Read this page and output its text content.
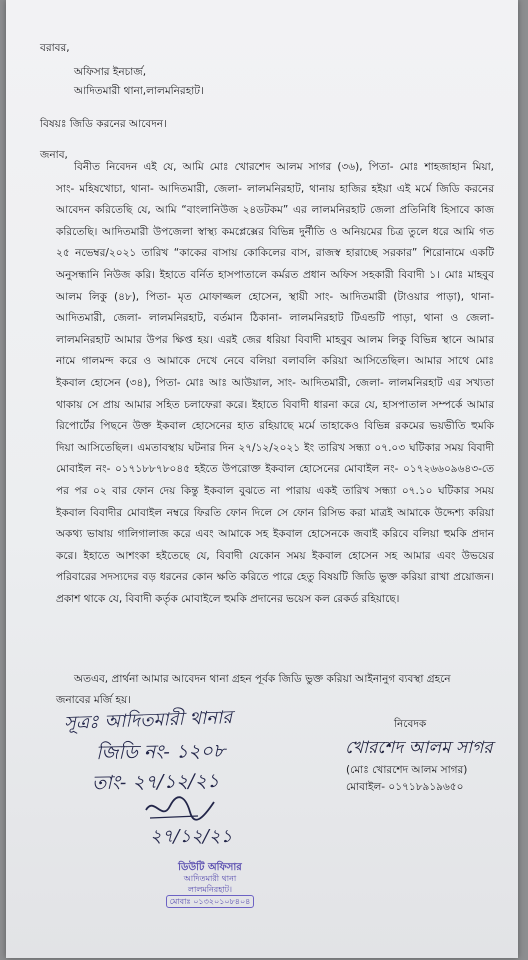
বরাবর,
অফিসার ইনচার্জ,
আদিতমারী থানা,লালমনিরহাট।
বিষয়ঃ জিডি করনের আবেদন।
জনাব,
বিনীত নিবেদন এই যে, আমি মোঃ খোরশেদ আলম সাগর (৩৬), পিতা- মোঃ শাহজাহান মিয়া,
সাং- মহিষখোচা, থানা- আদিতমারী, জেলা- লালমনিরহাট, থানায় হাজির হইয়া এই মর্মে জিডি করনের
আবেদন করিতেছি যে, আমি “বাংলানিউজ ২৪ডটকম” এর লালমনিরহাট জেলা প্রতিনিধি হিসাবে কাজ
করিতেছি। আদিতমারী উপজেলা স্বাস্থ্য কমপ্লেক্সের বিভিন্ন দুর্নীতি ও অনিয়মের চিত্র তুলে ধরে আমি গত
২৫ নভেম্বর/২০২১ তারিখ “কাকের বাসায় কোকিলের বাস, রাজস্ব হারাচ্ছে সরকার” শিরোনামে একটি
অনুসন্ধানি নিউজ করি। ইহাতে বর্নিত হাসপাতালে কর্মরত প্রধান অফিস সহকারী বিবাদী ১। মোঃ মাহবুব
আলম লিকু (৪৮), পিতা- মৃত মোফাজ্জল হোসেন, স্থায়ী সাং- আদিতমারী (টাওয়ার পাড়া), থানা-
আদিতমারী, জেলা- লালমনিরহাট, বর্তমান ঠিকানা- লালমনিরহাট টিএন্ডটি পাড়া, থানা ও জেলা-
লালমনিরহাট আমার উপর ক্ষিপ্ত হয়। এরই জের ধরিয়া বিবাদী মাহবুব আলম লিকু বিভিন্ন স্থানে আমার
নামে গালমন্দ করে ও আমাকে দেখে নেবে বলিয়া বলাবলি করিয়া আসিতেছিল। আমার সাথে মোঃ
ইকবাল হোসেন (৩৪), পিতা- মোঃ আঃ আউয়াল, সাং- আদিতমারী, জেলা- লালমনিরহাট এর সখ্যতা
থাকায় সে প্রায় আমার সহিত চলাফেরা করে। ইহাতে বিবাদী ধারনা করে যে, হাসপাতাল সম্পর্কে আমার
রিপোর্টের পিছনে উক্ত ইকবাল হোসেনের হাত রহিয়াছে মর্মে তাহাকেও বিভিন্ন রকমের ভয়ভীতি হুমকি
দিয়া আসিতেছিল। এমতাবস্থায় ঘটনার দিন ২৭/১২/২০২১ ইং তারিখ সন্ধ্যা ০৭.০৩ ঘটিকার সময় বিবাদী
মোবাইল নং- ০১৭১৮৮৭৮০৪৫ হইতে উপরোক্ত ইকবাল হোসেনের মোবাইল নং- ০১৭২৬৬০৯৬৪৩-তে
পর পর ০২ বার ফোন দেয় কিন্তু ইকবাল বুঝতে না পারায় একই তারিখ সন্ধ্যা ০৭.১০ ঘটিকার সময়
ইকবাল বিবাদীর মোবাইল নম্বরে ফিরতি ফোন দিলে সে ফোন রিসিভ করা মাত্রই আমাকে উদ্দেশ্য করিয়া
অকথ্য ভাষায় গালিগালাজ করে এবং আমাকে সহ ইকবাল হোসেনকে জবাই করিবে বলিয়া হুমকি প্রদান
করে। ইহাতে আশংকা হইতেছে যে, বিবাদী যেকোন সময় ইকবাল হোসেন সহ আমার এবং উভয়ের
পরিবারের সদস্যদের বড় ধরনের কোন ক্ষতি করিতে পারে হেতু বিষয়টি জিডি ভুক্ত করিয়া রাখা প্রয়োজন।
প্রকাশ থাকে যে, বিবাদী কর্তৃক মোবাইলে হুমকি প্রদানের ভয়েস কল রেকর্ড রহিয়াছে।
অতএব, প্রার্থনা আমার আবেদন থানা গ্রহন পূর্বক জিডি ভুক্ত করিয়া আইনানুগ ব্যবস্থা গ্রহনে
জনাবের মর্জি হয়।
নিবেদক
খোরশেদ আলম সাগর
(মোঃ খোরশেদ আলম সাগর)
মোবাইল- ০১৭১৮৯১৯৬৫০
সূত্রঃ আদিতমারী থানার
জিডি নং- ১২০৮
তাং- ২৭/১২/২১
২৭/১২/২১
ডিউটি অফিসার
আদিতমারী থানা
লালমনিরহাট।
মোবাঃ ০১৩২০১০৮৪০৪
